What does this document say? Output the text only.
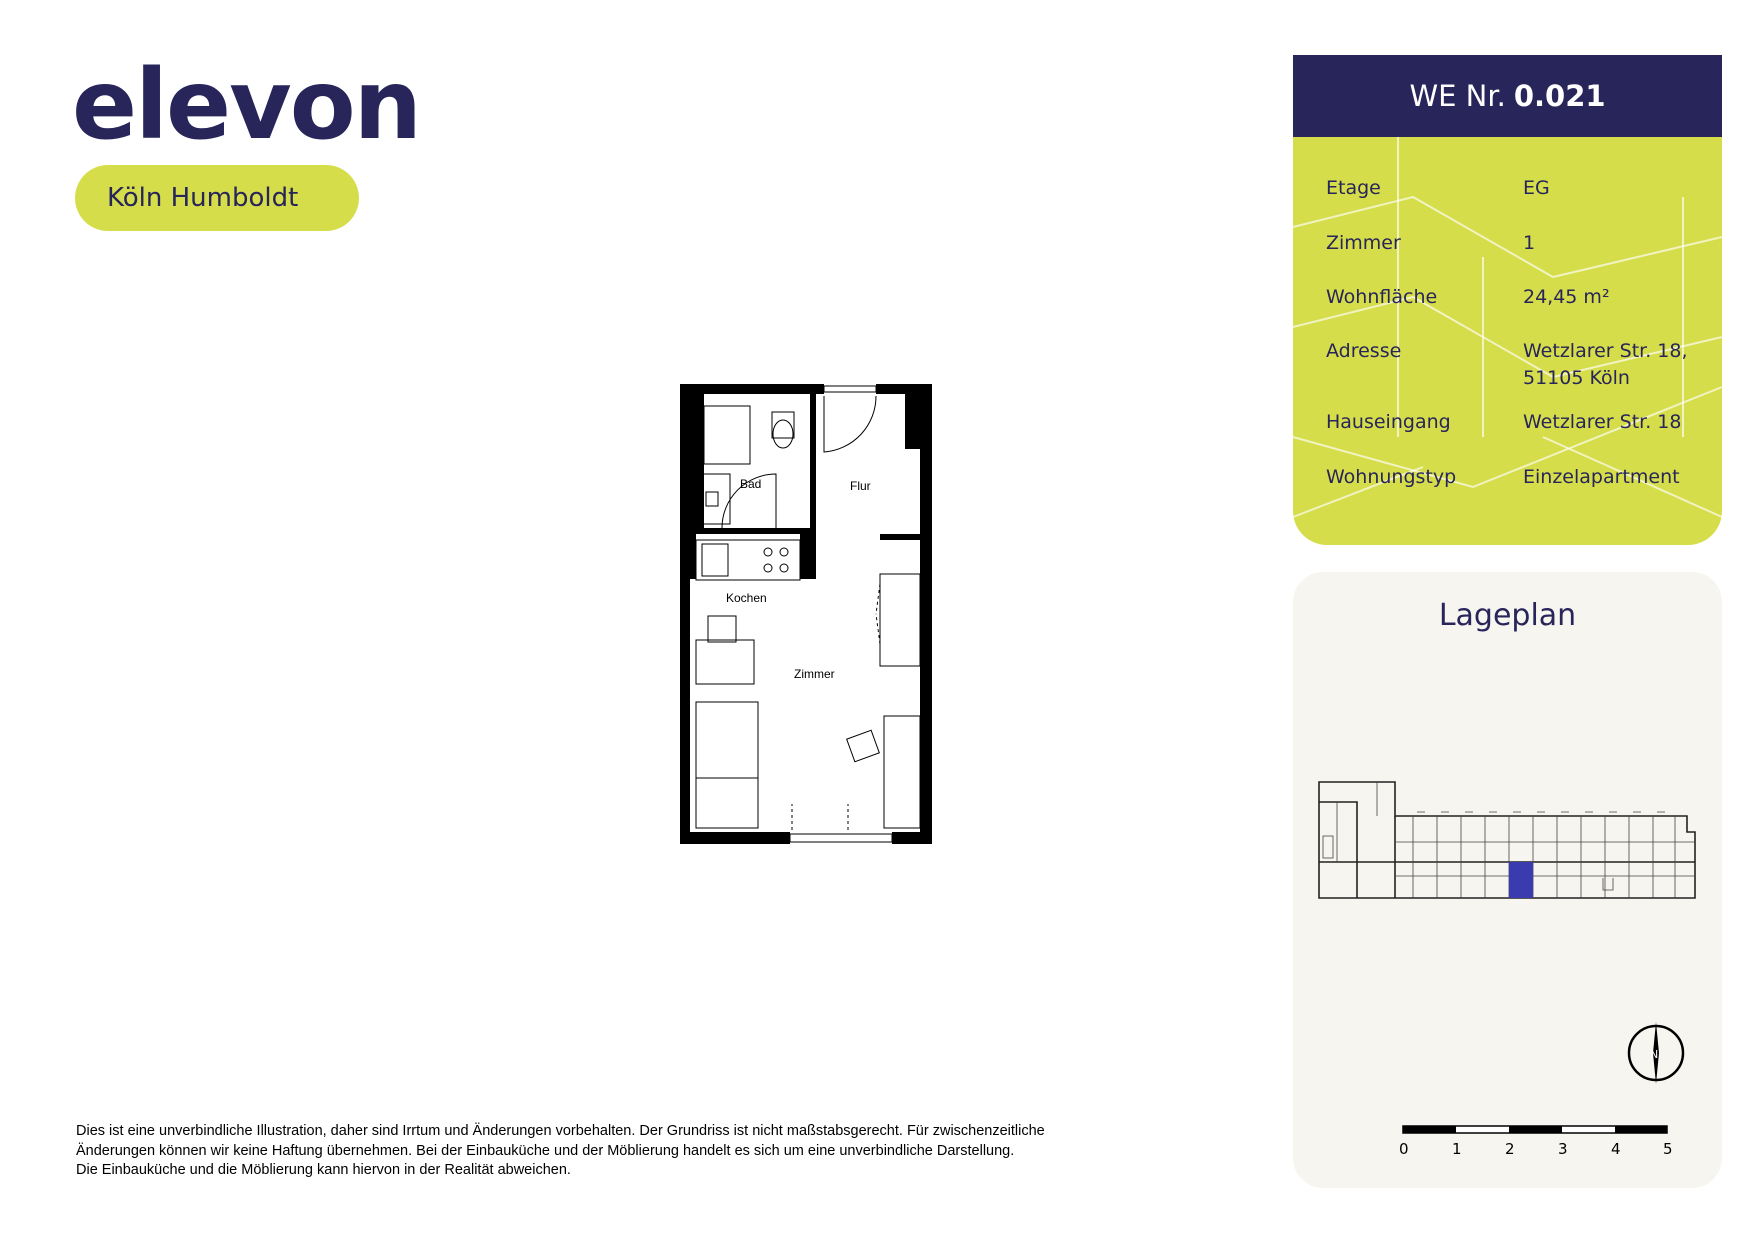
elevon
Köln Humboldt
Bad	Flur
Kochen
Zimmer
Dies ist eine unverbindliche Illustration, daher sind Irrtum und Änderungen vorbehalten. Der Grundriss ist nicht maßstabsgerecht. Für zwischenzeitliche
Änderungen können wir keine Haftung übernehmen. Bei der Einbauküche und der Möblierung handelt es sich um eine unverbindliche Darstellung.
Die Einbauküche und die Möblierung kann hiervon in der Realität abweichen.
WE Nr. 0.021
Etage	EG
Zimmer	1
Wohnfläche	24,45 m²
Adresse	Wetzlarer Str. 18,
51105 Köln
Hauseingang	Wetzlarer Str. 18
Wohnungstyp	Einzelapartment
Lageplan
N
0	1	2	3	4	5
